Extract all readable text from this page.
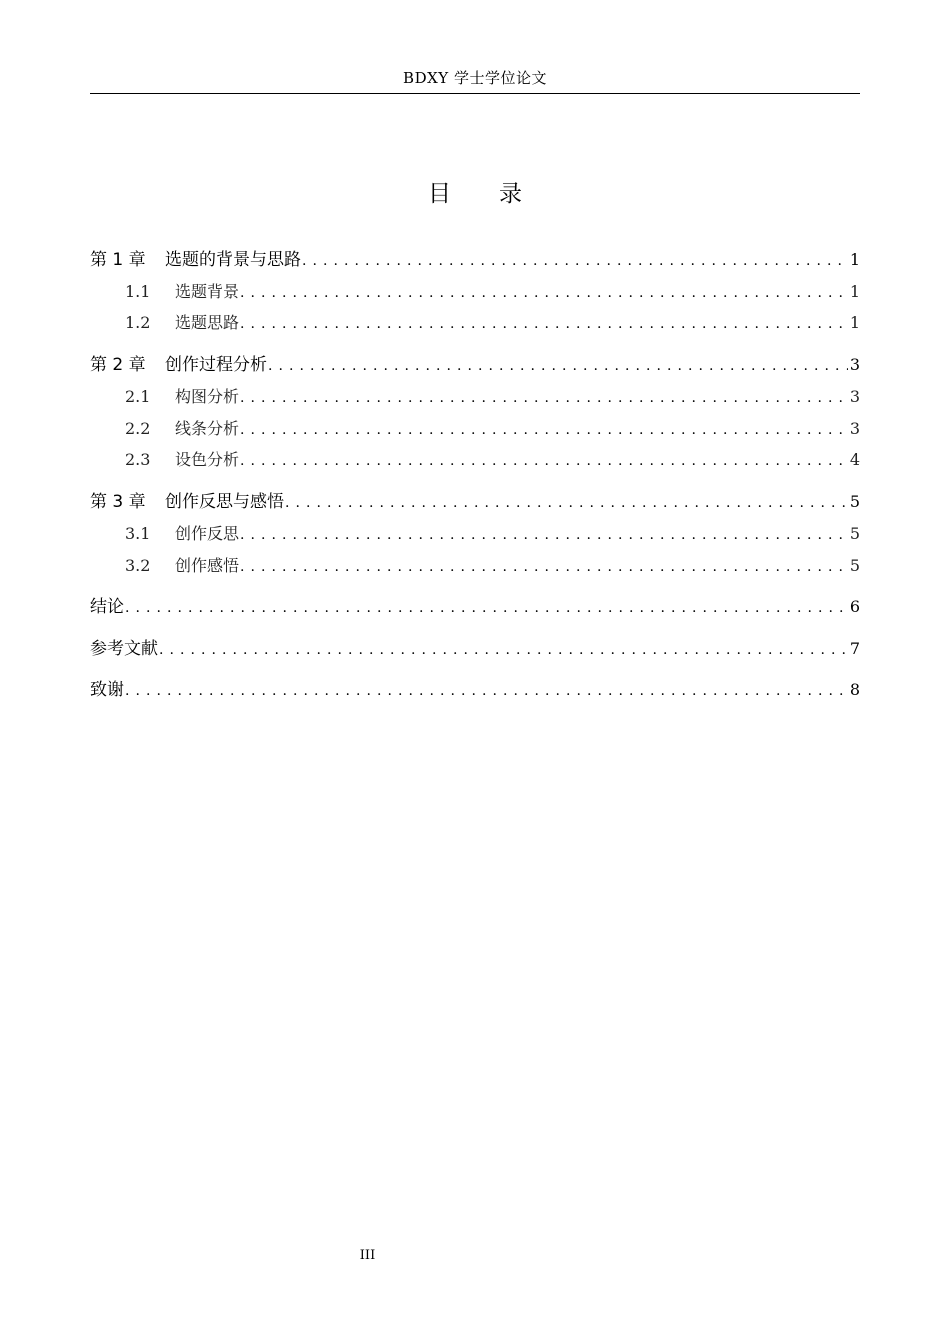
BDXY 学士学位论文
目录
第 1 章	选题的背景与思路 . . .	1
1.1	选题背景 . . .	1
1.2	选题思路 . . .	1
第 2 章	创作过程分析 . . .	3
2.1	构图分析 . . .	3
2.2	线条分析 . . .	3
2.3	设色分析 . . .	4
第 3 章	创作反思与感悟 . . .	5
3.1	创作反思 . . .	5
3.2	创作感悟 . . .	5
结论 . . .	6
参考文献 . . .	7
致谢 . . .	8
III
